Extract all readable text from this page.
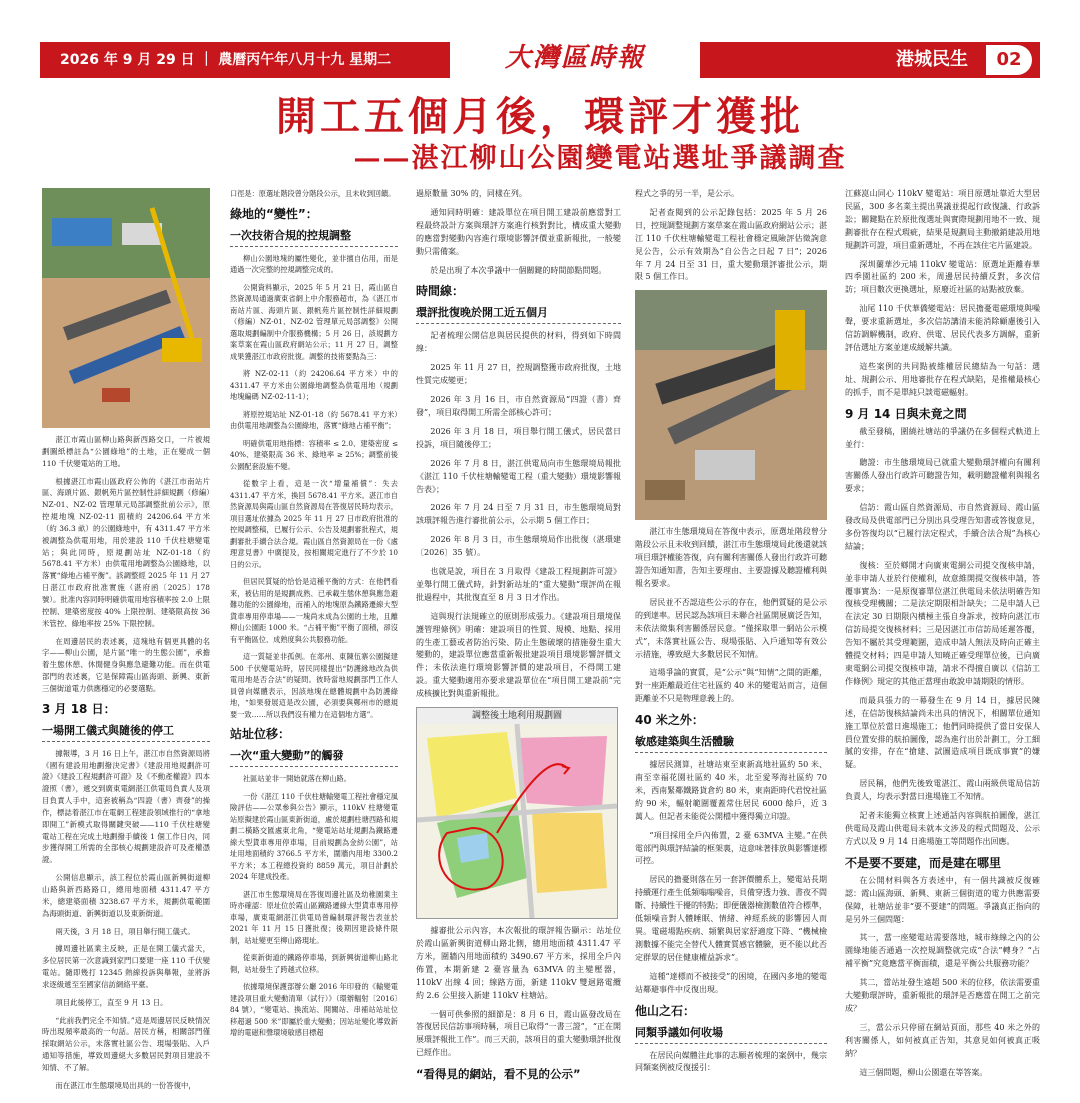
2026 年 9 月 29 日 ｜ 農曆丙午年八月十九 星期二	大灣區時報	港城民生	02
開工五個月後，環評才獲批
——湛江柳山公園變電站選址爭議調查

湛江市霞山區柳山路與新西路交口，一片被規劃圖紙標註為“公園綠地”的土地，正在變成一個 110 千伏變電站的工地。

根據湛江市霞山區政府公佈的《湛江市南站片區、海頭片區、銀帆苑片區控制性詳細規劃（修編）NZ-01、NZ-02 管理單元局部調整批前公示》，原控規地塊 NZ-02-11 面積約 24206.64 平方米（約 36.3 畝）的公園綠地中，有 4311.47 平方米被調整為供電用地，用於建設 110 千伏柱塘變電站；與此同時，原規劃站址 NZ-01-18（約 5678.41 平方米）由供電用地調整為公園綠地，以落實“綠地占補平衡”。該調整經 2025 年 11 月 27 日湛江市政府批准實施（湛府函〔2025〕178 號）。批准內容同時明確供電用地容積率按 2.0 上限控制、建築密度按 40% 上限控制、建築限高按 36 米管控、綠地率按 25% 下限控制。

在周邊居民的表述裏，這塊地有個更具體的名字——柳山公園，是片區“唯一的生態公園”，承擔着生態休憩、休閒健身與應急避難功能。而在供電部門的表述裏，它是保障霞山區海頭、新興、東新三個街道電力供應穩定的必要選點。

3 月 18 日：
一場開工儀式與隨後的停工

據報導，3 月 16 日上午，湛江市自然資源局將《國有建設用地劃撥決定書》《建設用地規劃許可證》《建設工程規劃許可證》及《不動產權證》四本證照（書），遞交到廣東電網湛江供電局負責人及項目負責人手中，這套被稱為“四證（書）齊發”的操作，標誌着湛江市在電網工程建設領域推行的“拿地即開工”新模式取得關鍵突破——110 千伏柱塘變電站工程在完成土地劃撥手續後 1 個工作日內，同步獲得開工所需的全部核心規劃建設許可及產權憑證。

公開信息顯示，該工程位於霞山區新興街道柳山路與新西路路口，總用地面積 4311.47 平方米，總建築面積 3238.67 平方米，規劃供電範圍為海頭街道、新興街道以及東新街道。

兩天後，3 月 18 日，項目舉行開工儀式。

據周邊社區業主反映，正是在開工儀式當天，多位居民第一次意識到家門口要建一座 110 千伏變電站。隨即幾打 12345 熱線投訴與舉報，並將訴求逐級遞至至國家信訪網絡平臺。

項目此後停工，直至 9 月 13 日。

“此前我們完全不知情。”這是周邊居民反映情況時出現頻率最高的一句話。居民方稱，相關部門僅採取網站公示，未落實社區公告、現場張貼、入戶通知等措施，導致周邊絕大多數居民對項目建設不知情、不了解。

而在湛江市生態環境局出具的一份答復中，

口徑是：原選址階段曾分階段公示，且未收到回饋。

綠地的“變性”：
一次技術合規的控規調整

柳山公園地塊的屬性變化，並非擅自佔用，而是通過一次完整的控規調整完成的。

公開資料顯示，2025 年 5 月 21 日，霞山區自然資源局通過廣東省網上中介服務超市，為《湛江市南站片區、海頭片區、銀帆苑片區控制性詳細規劃（修編）NZ-01、NZ-02 管理單元局部調整》公開選取規劃編制中介服務機構；5 月 26 日，該規劃方案草案在霞山區政府網站公示；11 月 27 日，調整成果獲湛江市政府批復。調整的技術要點為三：

將 NZ-02-11（約 24206.64 平方米）中的 4311.47 平方米由公園綠地調整為供電用地（規劃地塊編碼 NZ-02-11-1）；

將原控規站址 NZ-01-18（約 5678.41 平方米）由供電用地調整為公園綠地，落實“綠地占補平衡”；

明確供電用地指標：容積率 ≤ 2.0、建築密度 ≤ 40%、建築限高 36 米、綠地率 ≥ 25%；調整前後公園配套設施不變。

從數字上看，這是一次“增量補償”：失去 4311.47 平方米，換回 5678.41 平方米。湛江市自然資源局與霞山區自然資源局在答復居民時均表示，項目選址依據為 2025 年 11 月 27 日市政府批准的控規調整稿，已履行公示、公告及規劃審批程式，規劃審批手續合法合規。霞山區自然資源局在一份《處理意見書》中廣提及，按相關規定進行了不少於 10 日的公示。

但居民質疑的恰恰是這種平衡的方式：在他們看來，被佔用的是規劃成熟、已承載生態休憩與應急避難功能的公園綠地，而補入的地塊原為鐵路遷線大型貨車專用停車場——一塊尚未成為公園的土地，且離柳山公園距 1000 米。“占補平衡”平衡了面積，卻沒有平衡區位、成熟度與公共服務功能。

這一質疑並非孤例。在郯州、東陳伍寨公園擬建 500 千伏變電站時，居民同樣提出“防護緣地改為供電用地是否合法”的疑問。彼時當地規劃部門工作人員曾向媒體表示，因該地塊在總體規劃中為防護綠地，“如果發展這是改公園，必須要與鄭州市的總規要一致……所以我們沒有權力在這個地方選”。

站址位移：
一次“重大變動”的觸發

社區站並非一開始就落在柳山路。

一份《湛江 110 千伏柱塘輸變電工程社會穩定風險評估——公眾參與公告》顯示，110kV 柱塘變電站原擬建於霞山區東新街道，處於規劃柱塘西路和規劃二橫路交匯處東北角，“變電站站址規劃為鐵路遷線大型貨車專用停車場，目前規劃為金紡公園”，站址用地面積約 3766.5 平方米，圍牆內用地 3300.2 平方米；本工程總投資約 8859 萬元，項目計劃於 2024 年建成投產。

湛江市生態環境局在答復周邊社區及幼稚園業主時亦確認：原址位於霞山區鐵路遷線大型貨車專用停車場，廣東電網湛江供電局曾編制環評報告表並於 2021 年 11 月 15 日獲批復；後期因建設條件限制，站址變更至柳山路現址。

從東新街道的鐵路停車場，到新興街道柳山路北側，站址發生了跨越式位移。

依據環境保護部辦公廳 2016 年印發的《輸變電建設項目重大變動清單（試行）》（環辦輻射〔2016〕84 號），“變電站、換流站、開關站、串補站站址位移超過 500 米”即屬於重大變動；因站址變化導致新增的電磁和聲環境敏感目標超

過原數量 30% 的，同樣在列。

通知同時明確：建設單位在項目開工建設前應當對工程最終設計方案與環評方案進行核對對比，構成重大變動的應當對變動內容進行環境影響評價並重新報批，一般變動只需備案。

於是出現了本次爭議中一個關鍵的時間節點問題。

時間線：
環評批復晚於開工近五個月

記者梳理公開信息與居民提供的材料，得到如下時間線：

2025 年 11 月 27 日，控規調整獲市政府批復，土地性質完成變更；

2026 年 3 月 16 日，市自然資源局“四證（書）齊發”，項目取得開工所需全部核心許可；

2026 年 3 月 18 日，項目舉行開工儀式，居民當日投訴，項目隨後停工；

2026 年 7 月 8 日，湛江供電局向市生態環境局報批《湛江 110 千伏柱塘輸變電工程（重大變動）環境影響報告表》；

2026 年 7 月 24 日至 7 月 31 日，市生態環境局對該環評報告進行審批前公示，公示期 5 個工作日；

2026 年 8 月 3 日，市生態環境局作出批復（湛環建〔2026〕35 號）。

也就是說，項目在 3 月取得《建設工程規劃許可證》並舉行開工儀式時，針對新站址的“重大變動”環評尚在報批過程中，其批復直至 8 月 3 日才作出。

這與現行法規確立的原則形成張力。《建設項目環境保護管理條例》明確：建設項目的性質、規模、地點、採用的生產工藝或者防治污染、防止生態破壞的措施發生重大變動的，建設單位應當重新報批建設項目環境影響評價文件；未依法進行環境影響評價的建設項目，不得開工建設。重大變動適用亦要求建設單位在“項目開工建設前”完成核擴比對與重新報批。

調整後土地利用規劃圖

據審批公示內容，本次報批的環評報告顯示：站址位於霞山區新興街道柳山路北側，總用地面積 4311.47 平方米，圍牆內用地面積約 3490.67 平方米，採用全戶內佈置，本期新建 2 臺容量為 63MVA 的主變壓器，110kV 出線 4 回；線路方面，新建 110kV 雙迴路電纜約 2.6 公里接入新建 110kV 柱塘站。

一個可供參照的細節是：8 月 6 日，霞山區發改局在答復居民信訪事項時稱，項目已取得“一書三證”，“正在開展環評報批工作”。而三天前，該項目的重大變動環評批復已經作出。

“看得見的網站，看不見的公示”

程式之爭的另一半，是公示。

記者查閱到的公示記錄包括：2025 年 5 月 26 日，控規調整規劃方案草案在霞山區政府網站公示；湛江 110 千伏柱塘輸變電工程社會穩定風險評估徵詢意見公告，公示有效期為“自公告之日起 7 日”；2026 年 7 月 24 日至 31 日，重大變動環評審批公示，期限 5 個工作日。

湛江市生態環境局在答復中表示，原選址階段曾分階段公示且未收到回饋，湛江市生態環境局此後還就該項目環評權能答復，向有關利害關係人發出行政許可聽證告知通知書，告知主要理由、主要證據及聽證權利與報名要求。

居民並不否認這些公示的存在，他們質疑的是公示的到達率。居民認為該項目未聯合社區開展廣泛告知，未依法徵集利害關係居民意。“僅採取單一網站公示模式”，未落實社區公告、現場張貼、入戶通知等有效公示措施，導致絕大多數居民不知情。

這場爭論的實質，是“公示”與“知情”之間的距離，對一座距離最近住宅社區約 40 米的變電站而言，這個距離並不只是物理意義上的。

40 米之外：
敏感建築與生活體驗

據居民測算，社塘站東至東新高地社區約 50 米、南至幸福花園社區約 40 米，北至愛琴海社區約 70 米，西南緊鄰鐵路貨倉約 80 米，東南距時代君悅社區約 90 米，輻射範圍覆蓋常住居民 6000 餘戶，近 3 萬人。但記者未能從公開檔中獲得獨立印證。

“項目採用全戶內佈置，2 臺 63MVA 主變。”在供電部門與環評結論的框架裏，這意味著排放與影響達標可控。

居民的擔憂則落在另一套評價體系上，變電站長期持續運行產生低頻嗡嗡噪音，貝備穿透力強、書夜不間斷、持續性干擾的特點；即便儀器檢測數值符合標準，低頻噪音對人體睡眠、情緒、神經系統的影響因人而異。電磁場點疾病、頻繁與居家舒適度下降、“機械檢測數據不能完全替代人體實質感官體驗，更不能以此否定群眾的居住健康權益訴求”。

這種“達標而不被接受”的困境，在國內多地的變電站鄰避事件中反復出現。

他山之石：
同類爭議如何收場

在居民向媒體注此事的志願者梳理的案例中，幾宗同類案例被反復援引：

江蘇崑山同心 110kV 變電站：項目原選址靠近大型居民區，300 多名業主提出異議並提起行政復議、行政訴訟；關鍵點在於原批復選址與實際規劃用地不一致、規劃審批存在程式瑕疵，結果是規劃局主動撤銷建設用地規劃許可證，項目重新選址，不再在該住宅片區建設。

深圳蘭華沙元埔 110kV 變電站：原選址距離春華四季園社區約 200 米，周邊居民持續反對，多次信訪；項目數次更換選址，原廢近社區的站點被放棄。

汕尾 110 千伏華僑變電站：居民擔憂電磁環境與噪聲，要求重新選址，多次信訪講清未能消除顧慮後引入信訪調解機制，政府、供電、居民代表多方調解，重新評估選址方案並達成緩解共識。

這些案例的共同點被維權居民總結為一句話：選址、規劃公示、用地審批存在程式缺陷，是推權最核心的抓手，而不是單純只談電磁輻射。

9 月 14 日與未竟之問

截至發稿，圍繞社塘站的爭議仍在多個程式軌道上並行：

聽證：市生態環境局已就重大變動環評權向有關利害關係人發出行政許可聽證告知，載明聽證權利與報名要求；

信訪：霞山區自然資源局、市自然資源局、霞山區發改局及供電部門已分別出具受理告知書或答復意見，多份答復均以“已履行法定程式，手續合法合規”為核心結論；

復核：至於鄉開才向廣東電網公司提交復核申請，並非申請人並於行使權利，故意維開提交復核申請，答覆事實為：一是原復審單位湛江供電局未依法明確告知復核受理機關；二是法定期限相計缺失；二是申請人已在法定 30 日期限內橫極主張自身訴求，按時向湛江市信訪局提交復核材料；三是因湛江市信訪局延遲答覆，告知不屬於其受理範圍，造成申請人無法及時向正確主體提交材料；四是申請人知曉正確受理單位後，已向廣東電網公司提交復核申請，請求不得擅自廣以《信訪工作條例》規定的其他正當理由敢說申請期限的情形。

而最具張力的一幕發生在 9 月 14 日，據居民陳述，在信訪復核結論尚未出具的情況下，相關單位通知施工單位於當日進場施工；他們同時提供了當日安保人員位置安排的航拍圖像，認為進行出於計劃工，分工細膩的安排，存在“搶建、試圖造成項目既成事實”的嫌疑。

居民稱，他們先後致電湛江、霞山兩級供電局信訪負責人，均表示對當日進場施工不知情。

記者未能獨立核實上述通話內容與航拍圖像，湛江供電局及霞山供電局未就本文涉及的程式問題及、公示方式以及 9 月 14 日進場施工等問題作出回應。

不是要不要建，而是建在哪里

在公開材料與各方表述中，有一個共識被反復確認：霞山區海頭、新興、東新三個街道的電力供應需要保障，社塘站並非“要不要建”的問題。爭議真正指向的是另外三個問題：

其一，當一座變電站需要落地，城市綠線之內的公園綠地能否通過一次控規調整就完成“合法”轉身？“占補平衡”究竟應當平衡面積，還是平衡公共服務功能？

其二，當站址發生遠超 500 米的位移，依法需要重大變動環評時，重新報批的環評是否應當在開工之前完成？

三，當公示只停留在網站頁面，那些 40 米之外的利害關係人，如何被真正告知，其意見如何被真正吸納？

這三個問題，柳山公園還在等答案。
